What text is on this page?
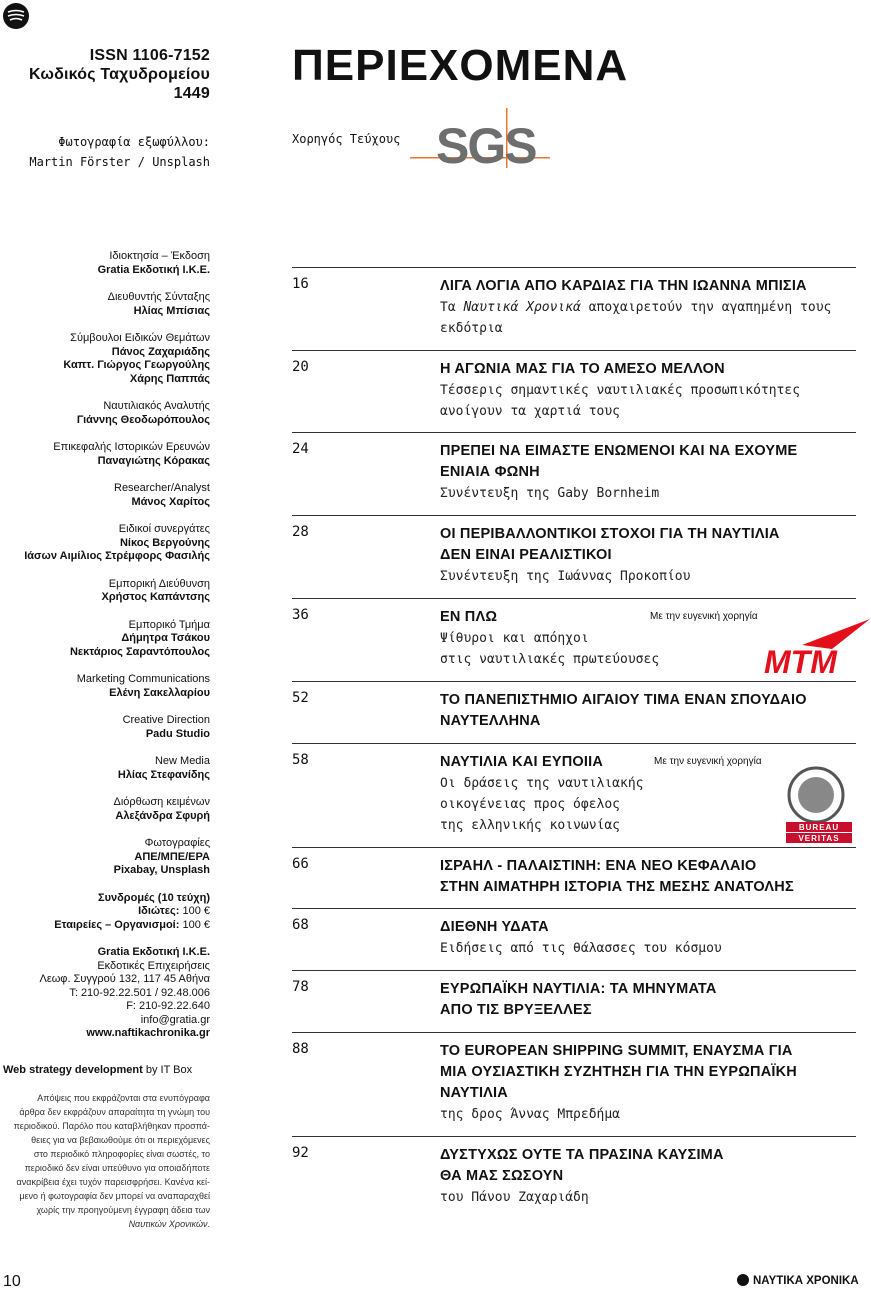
ISSN 1106-7152
Κωδικός Ταχυδρομείου
1449
Φωτογραφία εξωφύλλου:
Martin Förster / Unsplash
ΠΕΡΙΕΧΟΜΕΝΑ
Χορηγός Τεύχους SGS
Ιδιοκτησία – Έκδοση
Gratia Εκδοτική Ι.Κ.Ε.
Διευθυντής Σύνταξης
Ηλίας Μπίσιας
Σύμβουλοι Ειδικών Θεμάτων
Πάνος Ζαχαριάδης
Καπτ. Γιώργος Γεωργούλης
Χάρης Παππάς
Ναυτιλιακός Αναλυτής
Γιάννης Θεοδωρόπουλος
Επικεφαλής Ιστορικών Ερευνών
Παναγιώτης Κόρακας
Researcher/Analyst
Μάνος Χαρίτος
Ειδικοί συνεργάτες
Νίκος Βεργούνης
Ιάσων Αιμίλιος Στρέμφορς Φασιλής
Εμπορική Διεύθυνση
Χρήστος Καπάντσης
Εμπορικό Τμήμα
Δήμητρα Τσάκου
Νεκτάριος Σαραντόπουλος
Marketing Communications
Ελένη Σακελλαρίου
Creative Direction
Padu Studio
New Media
Ηλίας Στεφανίδης
Διόρθωση κειμένων
Αλεξάνδρα Σφυρή
Φωτογραφίες
ΑΠΕ/ΜΠΕ/EPA
Pixabay, Unsplash
Συνδρομές (10 τεύχη)
Ιδιώτες: 100 €
Εταιρείες – Οργανισμοί: 100 €
Gratia Εκδοτική Ι.Κ.Ε.
Εκδοτικές Επιχειρήσεις
Λεωφ. Συγγρού 132, 117 45 Αθήνα
T: 210-92.22.501 / 92.48.006
F: 210-92.22.640
info@gratia.gr
www.naftikachronika.gr
Web strategy development by IT Box
Απόψεις που εκφράζονται στα ενυπόγραφα
άρθρα δεν εκφράζουν απαραίτητα τη γνώμη του
περιοδικού. Παρόλο που καταβλήθηκαν προσπά-
θειες για να βεβαιωθούμε ότι οι περιεχόμενες
στο περιοδικό πληροφορίες είναι σωστές, το
περιοδικό δεν είναι υπεύθυνο για οποιαδήποτε
ανακρίβεια έχει τυχόν παρεισφρήσει. Κανένα κεί-
μενο ή φωτογραφία δεν μπορεί να αναπαραχθεί
χωρίς την προηγούμενη έγγραφη άδεια των
Ναυτικών Χρονικών.
16	ΛΙΓΑ ΛΟΓΙΑ ΑΠΟ ΚΑΡΔΙΑΣ ΓΙΑ ΤΗΝ ΙΩΑΝΝΑ ΜΠΙΣΙΑ
Τα Ναυτικά Χρονικά αποχαιρετούν την αγαπημένη τους
εκδότρια
20	Η ΑΓΩΝΙΑ ΜΑΣ ΓΙΑ ΤΟ ΑΜΕΣΟ ΜΕΛΛΟΝ
Τέσσερις σημαντικές ναυτιλιακές προσωπικότητες
ανοίγουν τα χαρτιά τους
24	ΠΡΕΠΕΙ ΝΑ ΕΙΜΑΣΤΕ ΕΝΩΜΕΝΟΙ ΚΑΙ ΝΑ ΕΧΟΥΜΕ
ΕΝΙΑΙΑ ΦΩΝΗ
Συνέντευξη της Gaby Bornheim
28	ΟΙ ΠΕΡΙΒΑΛΛΟΝΤΙΚΟΙ ΣΤΟΧΟΙ ΓΙΑ ΤΗ ΝΑΥΤΙΛΙΑ
ΔΕΝ ΕΙΝΑΙ ΡΕΑΛΙΣΤΙΚΟΙ
Συνέντευξη της Ιωάννας Προκοπίου
36	ΕΝ ΠΛΩ
Ψίθυροι και απόηχοι
στις ναυτιλιακές πρωτεύουσες
Με την ευγενική χορηγία
MTM
52	ΤΟ ΠΑΝΕΠΙΣΤΗΜΙΟ ΑΙΓΑΙΟΥ ΤΙΜΑ ΕΝΑΝ ΣΠΟΥΔΑΙΟ
ΝΑΥΤΕΛΛΗΝΑ
58	ΝΑΥΤΙΛΙΑ ΚΑΙ ΕΥΠΟΙΙΑ
Οι δράσεις της ναυτιλιακής
οικογένειας προς όφελος
της ελληνικής κοινωνίας
Με την ευγενική χορηγία
1828
BUREAU
VERITAS
66	ΙΣΡΑΗΛ - ΠΑΛΑΙΣΤΙΝΗ: ΕΝΑ ΝΕΟ ΚΕΦΑΛΑΙΟ
ΣΤΗΝ ΑΙΜΑΤΗΡΗ ΙΣΤΟΡΙΑ ΤΗΣ ΜΕΣΗΣ ΑΝΑΤΟΛΗΣ
68	ΔΙΕΘΝΗ ΥΔΑΤΑ
Ειδήσεις από τις θάλασσες του κόσμου
78	ΕΥΡΩΠΑΪΚΗ ΝΑΥΤΙΛΙΑ: ΤΑ ΜΗΝΥΜΑΤΑ
ΑΠΟ ΤΙΣ ΒΡΥΞΕΛΛΕΣ
88	ΤΟ EUROPEAN SHIPPING SUMMIT, ΕΝΑΥΣΜΑ ΓΙΑ
ΜΙΑ ΟΥΣΙΑΣΤΙΚΗ ΣΥΖΗΤΗΣΗ ΓΙΑ ΤΗΝ ΕΥΡΩΠΑΪΚΗ
ΝΑΥΤΙΛΙΑ
της δρος Άννας Μπρεδήμα
92	ΔΥΣΤΥΧΩΣ ΟΥΤΕ ΤΑ ΠΡΑΣΙΝΑ ΚΑΥΣΙΜΑ
ΘΑ ΜΑΣ ΣΩΣΟΥΝ
του Πάνου Ζαχαριάδη
10	ΝΑΥΤΙΚΑ ΧΡΟΝΙΚΑ
